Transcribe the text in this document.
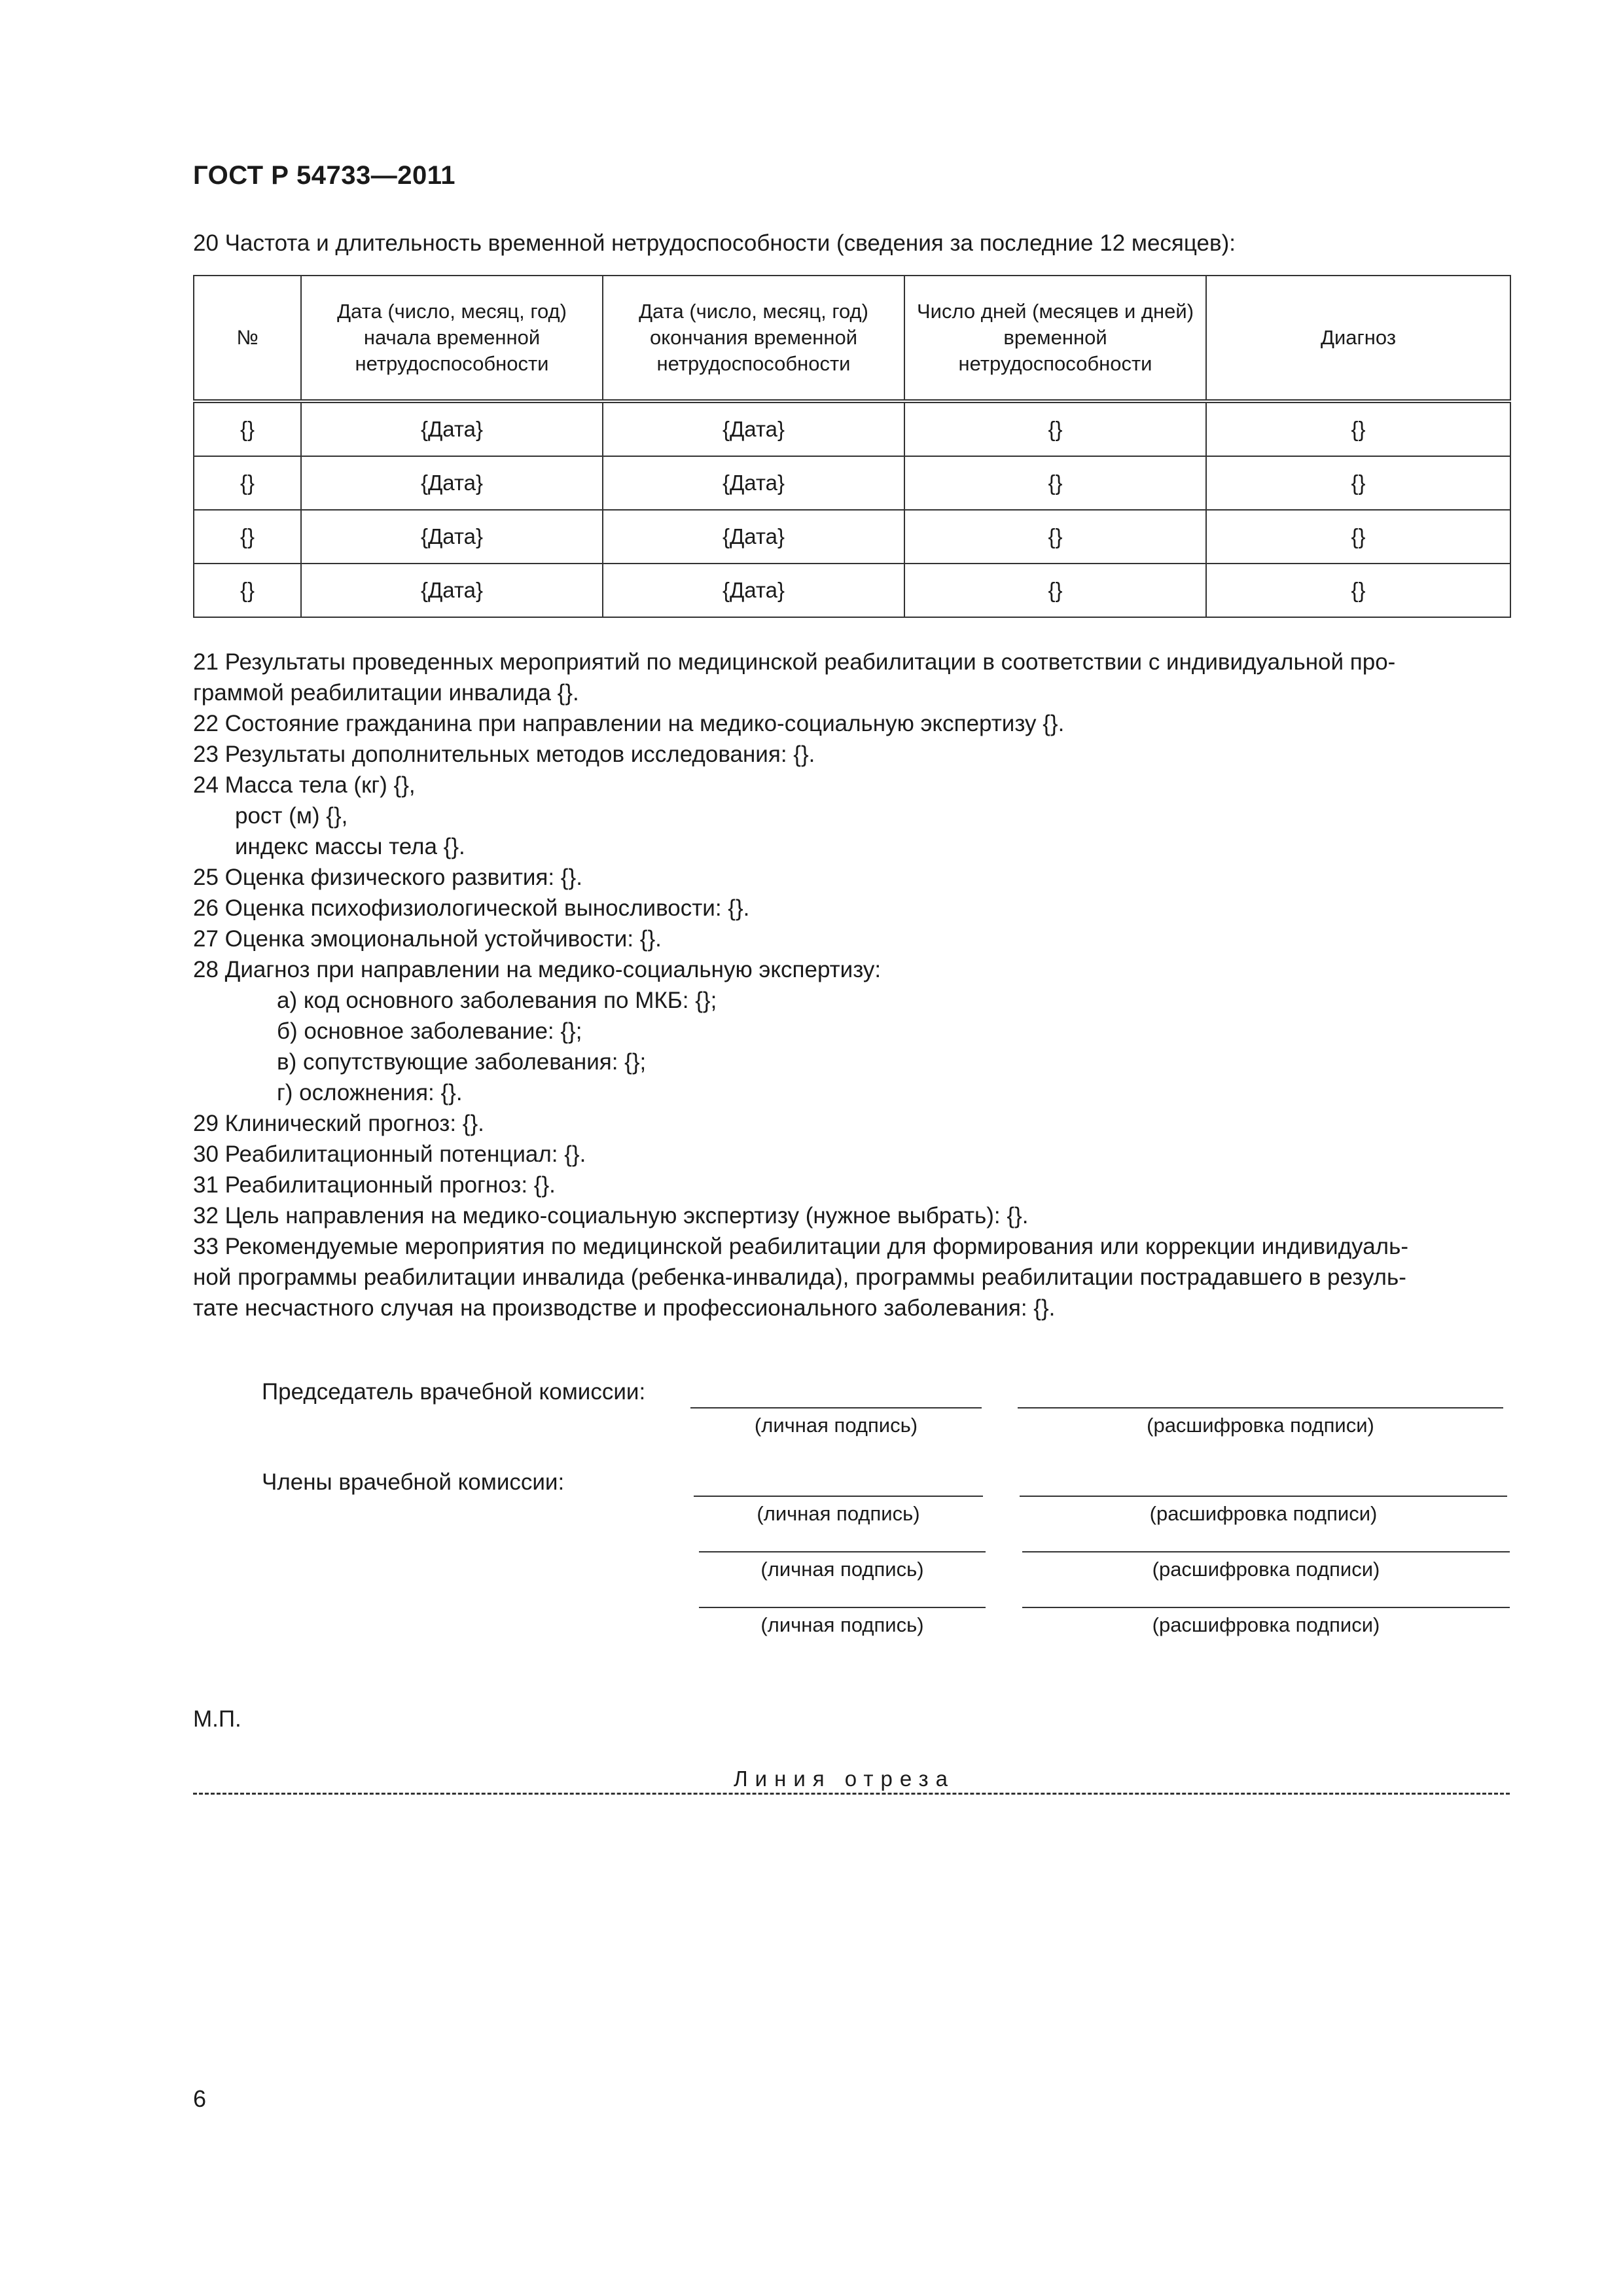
ГОСТ Р 54733—2011
20 Частота и длительность временной нетрудоспособности (сведения за последние 12 месяцев):
№	Дата (число, месяц, год) начала временной нетрудоспособности	Дата (число, месяц, год) окончания временной нетрудоспособности	Число дней (месяцев и дней) временной нетрудоспособности	Диагноз
{}	{Дата}	{Дата}	{}	{}
{}	{Дата}	{Дата}	{}	{}
{}	{Дата}	{Дата}	{}	{}
{}	{Дата}	{Дата}	{}	{}
21 Результаты проведенных мероприятий по медицинской реабилитации в соответствии с индивидуальной про-
граммой реабилитации инвалида {}.
22 Состояние гражданина при направлении на медико-социальную экспертизу {}.
23 Результаты дополнительных методов исследования: {}.
24 Масса тела (кг) {},
рост (м) {},
индекс массы тела {}.
25 Оценка физического развития: {}.
26 Оценка психофизиологической выносливости: {}.
27 Оценка эмоциональной устойчивости: {}.
28 Диагноз при направлении на медико-социальную экспертизу:
а) код основного заболевания по МКБ: {};
б) основное заболевание: {};
в) сопутствующие заболевания: {};
г) осложнения: {}.
29 Клинический прогноз: {}.
30 Реабилитационный потенциал: {}.
31 Реабилитационный прогноз: {}.
32 Цель направления на медико-социальную экспертизу (нужное выбрать): {}.
33 Рекомендуемые мероприятия по медицинской реабилитации для формирования или коррекции индивидуаль-
ной программы реабилитации инвалида (ребенка-инвалида), программы реабилитации пострадавшего в резуль-
тате несчастного случая на производстве и профессионального заболевания: {}.
Председатель врачебной комиссии:
(личная подпись)	(расшифровка подписи)
Члены врачебной комиссии:
(личная подпись)	(расшифровка подписи)
(личная подпись)	(расшифровка подписи)
(личная подпись)	(расшифровка подписи)
М.П.
Линия отреза
6
